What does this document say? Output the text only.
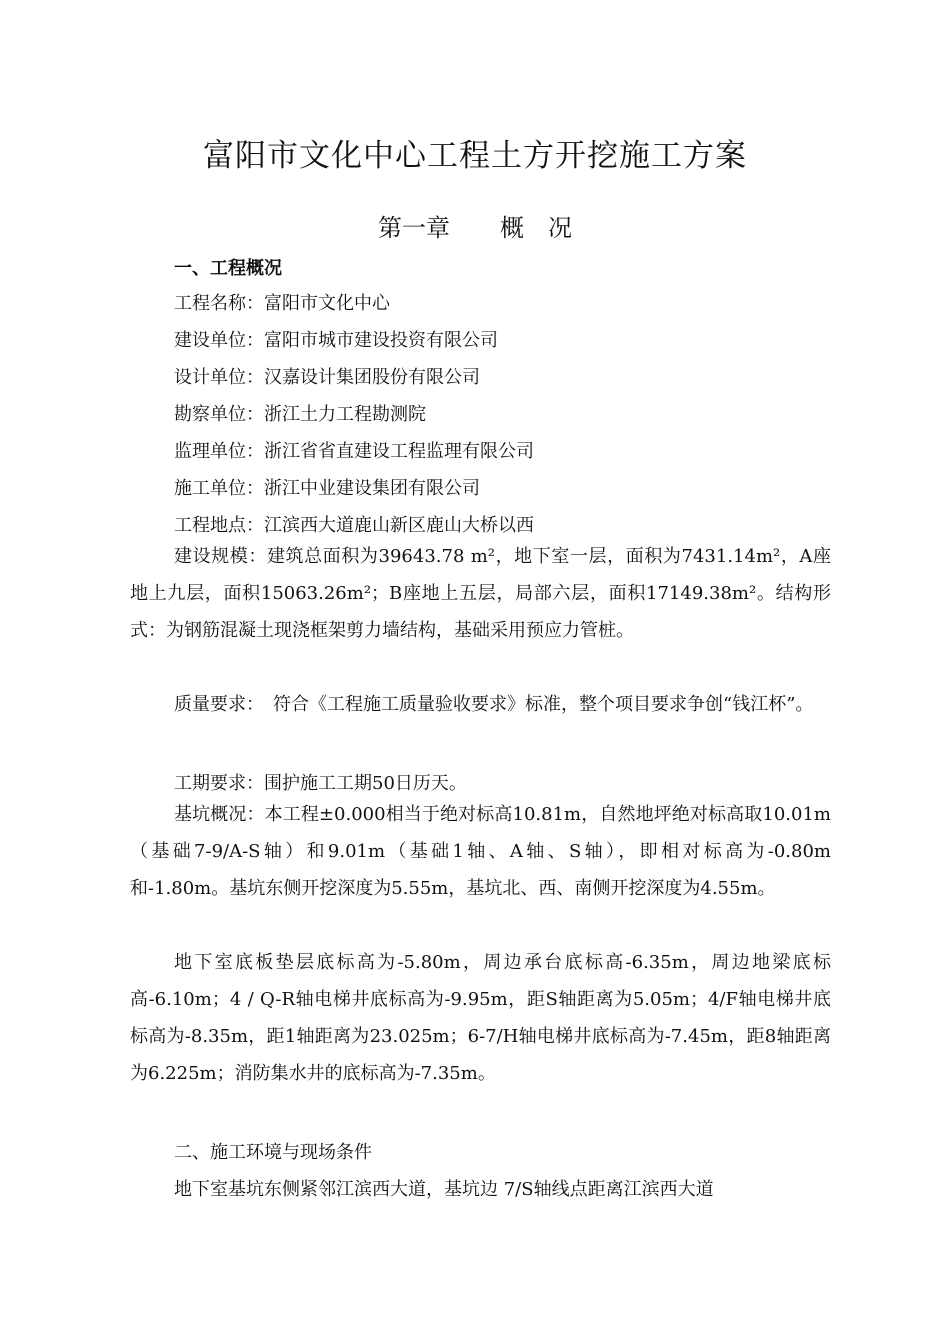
富阳市文化中心工程土方开挖施工方案
第一章 概　况
一、工程概况
工程名称：富阳市文化中心
建设单位：富阳市城市建设投资有限公司
设计单位：汉嘉设计集团股份有限公司
勘察单位：浙江土力工程勘测院
监理单位：浙江省省直建设工程监理有限公司
施工单位：浙江中业建设集团有限公司
工程地点：江滨西大道鹿山新区鹿山大桥以西
建设规模：建筑总面积为39643.78 m²，地下室一层，面积为7431.14m²，A座地上九层，面积15063.26m²；B座地上五层，局部六层，面积17149.38m²。结构形式：为钢筋混凝土现浇框架剪力墙结构，基础采用预应力管桩。
质量要求：　符合《工程施工质量验收要求》标准，整个项目要求争创“钱江杯”。
工期要求：围护施工工期50日历天。
基坑概况：本工程±0.000相当于绝对标高10.81m，自然地坪绝对标高取10.01m（基础7-9/A-S轴）和9.01m（基础1轴、A轴、S轴），即相对标高为-0.80m和-1.80m。基坑东侧开挖深度为5.55m，基坑北、西、南侧开挖深度为4.55m。
地下室底板垫层底标高为-5.80m，周边承台底标高-6.35m，周边地梁底标高-6.10m；4 / Q-R轴电梯井底标高为-9.95m，距S轴距离为5.05m；4/F轴电梯井底标高为-8.35m，距1轴距离为23.025m；6-7/H轴电梯井底标高为-7.45m，距8轴距离为6.225m；消防集水井的底标高为-7.35m。
二、施工环境与现场条件
地下室基坑东侧紧邻江滨西大道，基坑边 7/S轴线点距离江滨西大道
